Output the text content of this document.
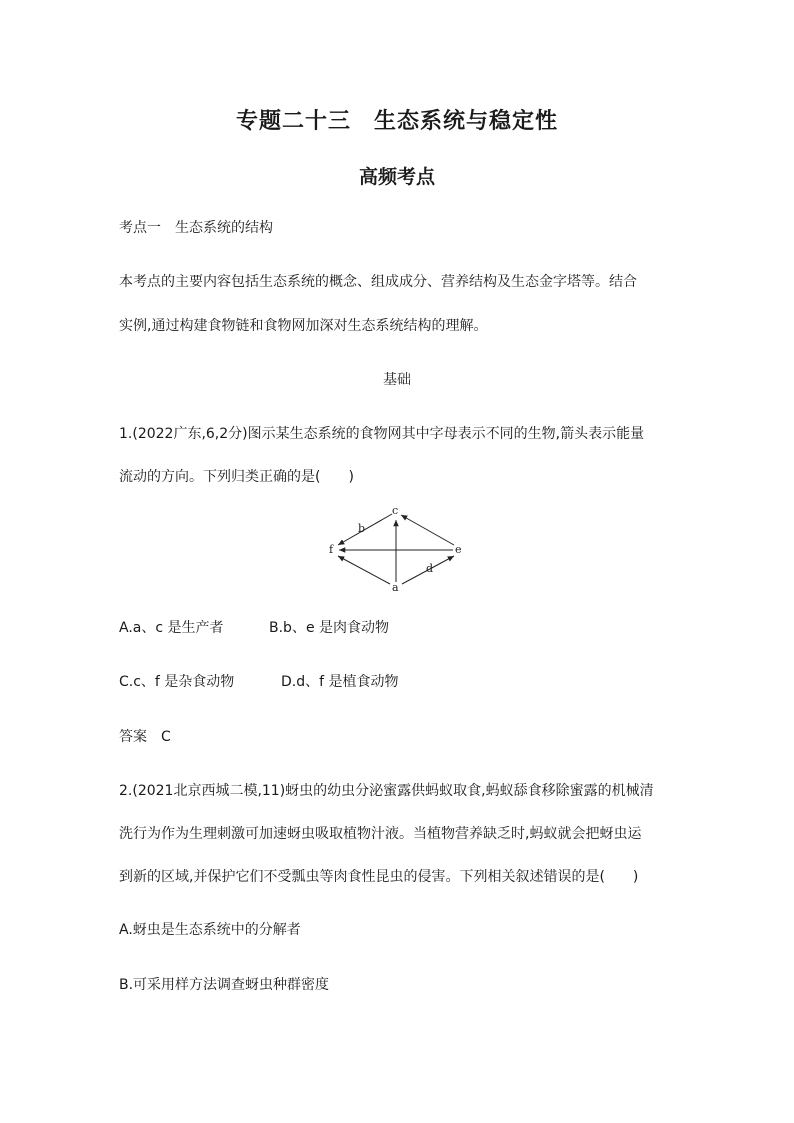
专题二十三　生态系统与稳定性
高频考点
考点一　生态系统的结构
本考点的主要内容包括生态系统的概念、组成成分、营养结构及生态金字塔等。结合
实例,通过构建食物链和食物网加深对生态系统结构的理解。
基础
1.(2022广东,6,2分)图示某生态系统的食物网其中字母表示不同的生物,箭头表示能量
流动的方向。下列归类正确的是(　　)
c
b
f	e
d
a
A.a、c 是生产者	B.b、e 是肉食动物
C.c、f 是杂食动物	D.d、f 是植食动物
答案　C
2.(2021北京西城二模,11)蚜虫的幼虫分泌蜜露供蚂蚁取食,蚂蚁舔食移除蜜露的机械清
洗行为作为生理刺激可加速蚜虫吸取植物汁液。当植物营养缺乏时,蚂蚁就会把蚜虫运
到新的区域,并保护它们不受瓢虫等肉食性昆虫的侵害。下列相关叙述错误的是(　　)
A.蚜虫是生态系统中的分解者
B.可采用样方法调查蚜虫种群密度
